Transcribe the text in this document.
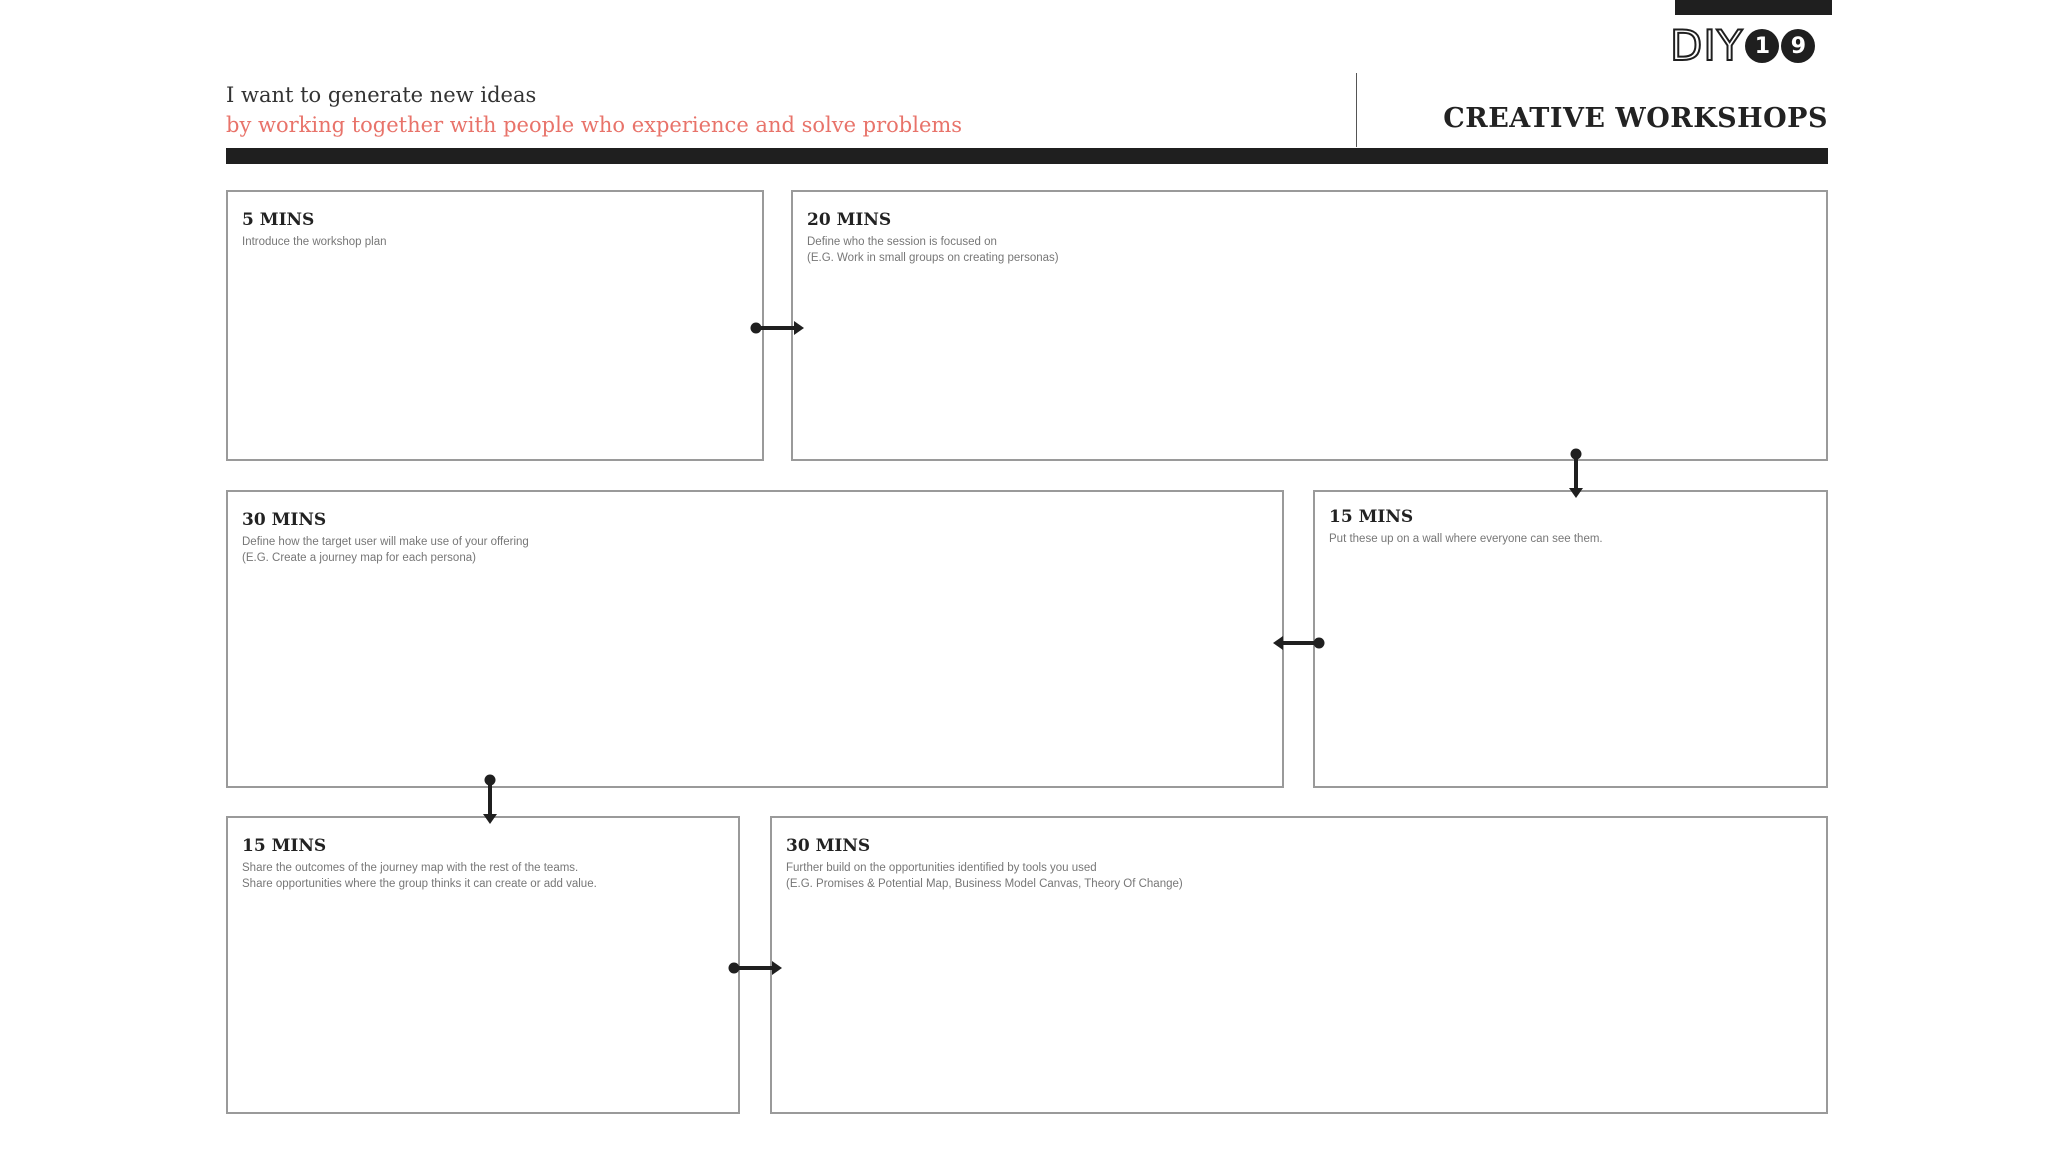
DIY 1 9
I want to generate new ideas
by working together with people who experience and solve problems	CREATIVE WORKSHOPS
5 MINS
Introduce the workshop plan
20 MINS
Define who the session is focused on
(E.G. Work in small groups on creating personas)
30 MINS
Define how the target user will make use of your offering
(E.G. Create a journey map for each persona)
15 MINS
Put these up on a wall where everyone can see them.
15 MINS
Share the outcomes of the journey map with the rest of the teams.
Share opportunities where the group thinks it can create or add value.
30 MINS
Further build on the opportunities identified by tools you used
(E.G. Promises & Potential Map, Business Model Canvas, Theory Of Change)
